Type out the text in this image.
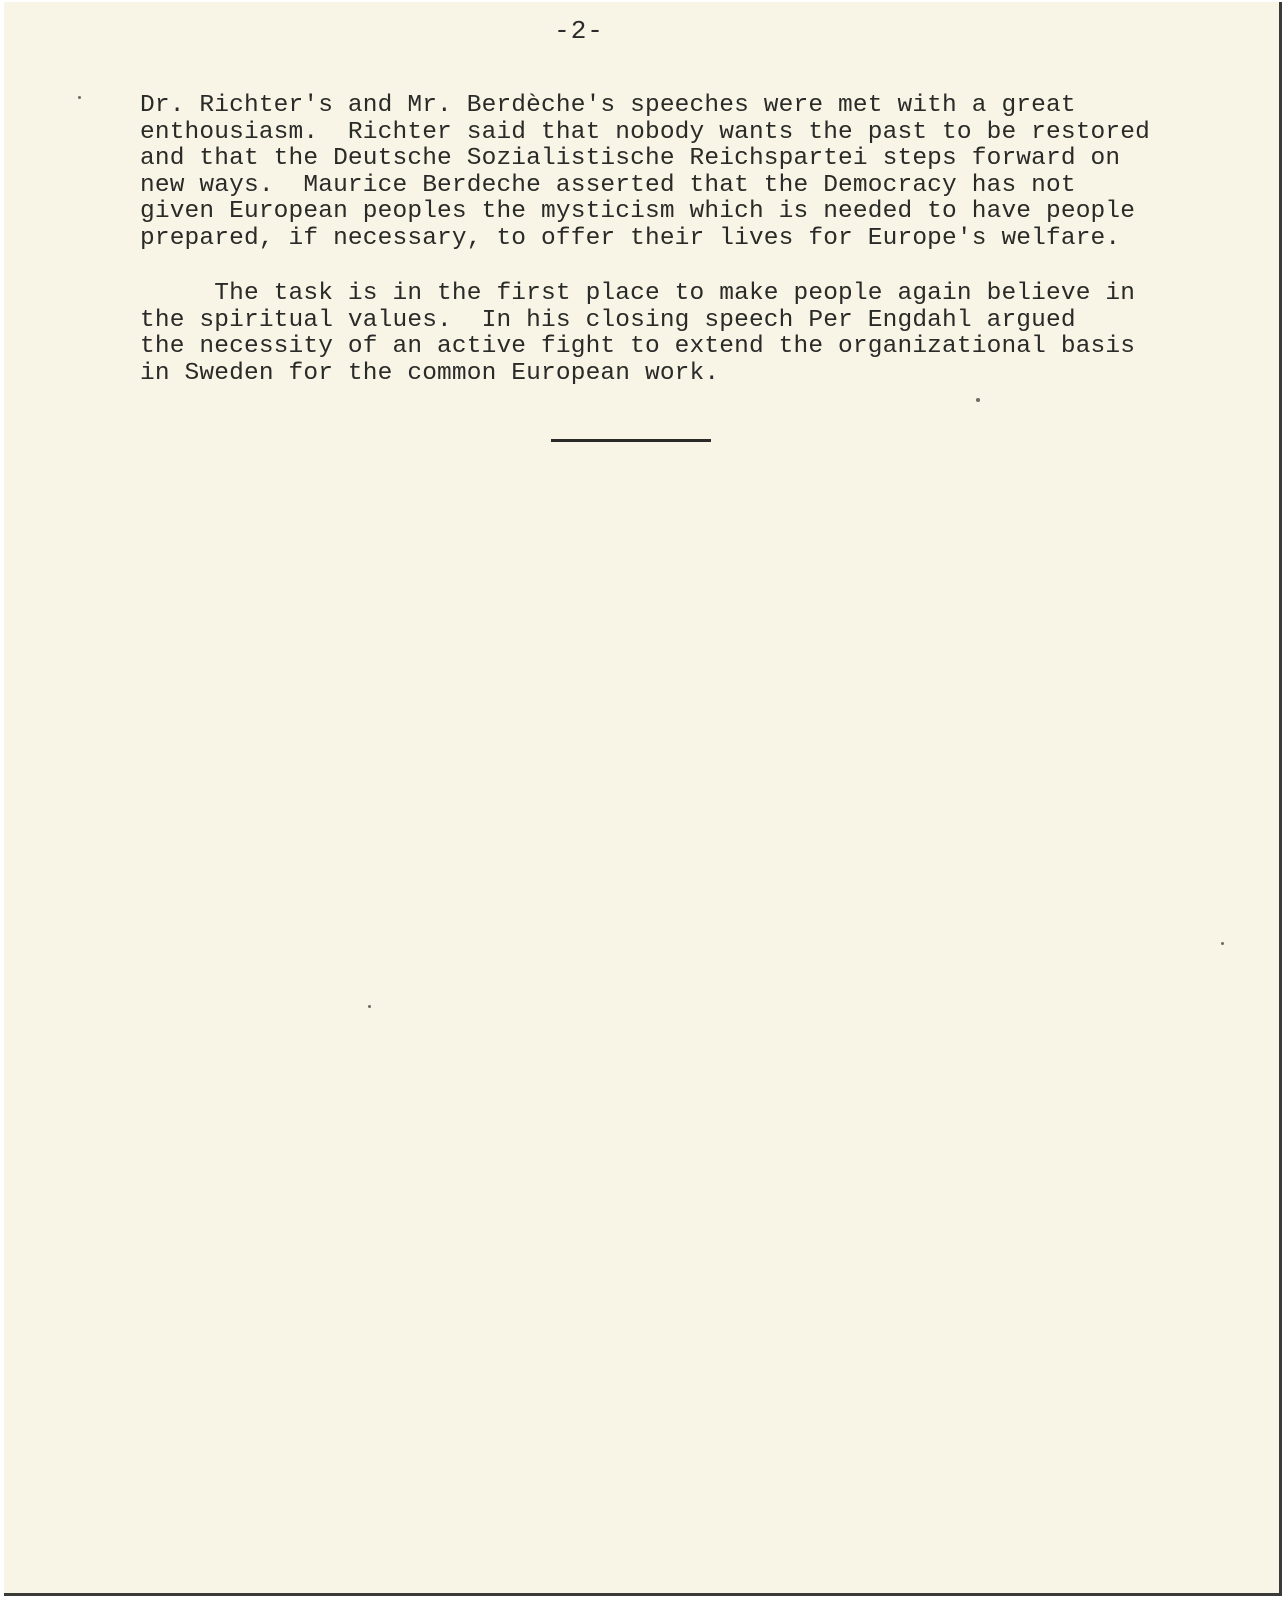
-2-

Dr. Richter's and Mr. Berdèche's speeches were met with a great
enthousiasm.  Richter said that nobody wants the past to be restored
and that the Deutsche Sozialistische Reichspartei steps forward on
new ways.  Maurice Berdeche asserted that the Democracy has not
given European peoples the mysticism which is needed to have people
prepared, if necessary, to offer their lives for Europe's welfare.

The task is in the first place to make people again believe in
the spiritual values.  In his closing speech Per Engdahl argued
the necessity of an active fight to extend the organizational basis
in Sweden for the common European work.
